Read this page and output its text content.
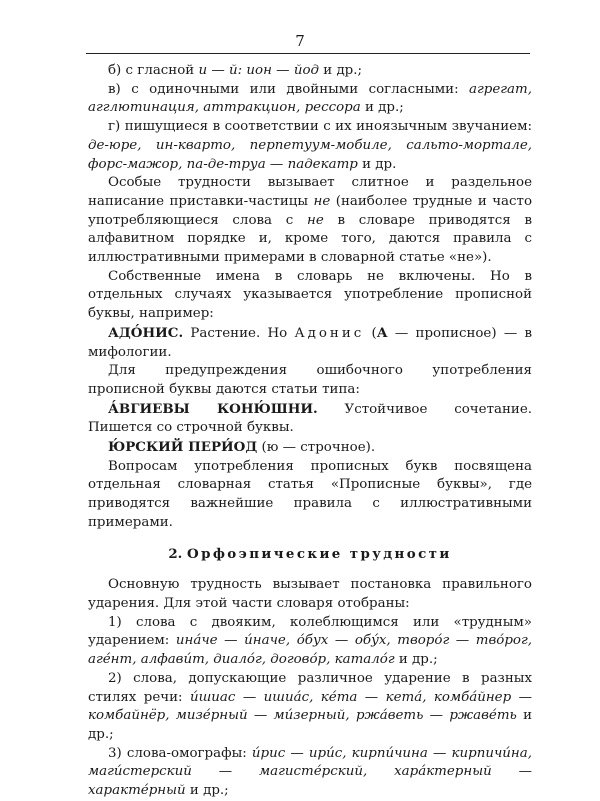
7

б) с гласной и — й: ион — йод и др.;

в) с одиночными или двойными согласными: агрегат, агглютинация, аттракцион, рессора и др.;

г) пишущиеся в соответствии с их иноязычным звучанием: де-юре, ин-кварто, перпетуум-мобиле, сальто-мортале, форс-мажор, па-де-труа — падекатр и др.

Особые трудности вызывает слитное и раздельное написание приставки-частицы не (наиболее трудные и часто употребляющиеся слова с не в словаре приводятся в алфавитном порядке и, кроме того, даются правила с иллюстративными примерами в словарной статье «не»).

Собственные имена в словарь не включены. Но в отдельных случаях указывается употребление прописной буквы, например:

АДО́НИС. Растение. Но Адонис (А — прописное) — в мифологии.

Для предупреждения ошибочного употребления прописной буквы даются статьи типа:

А́ВГИЕВЫ КОНЮ́ШНИ. Устойчивое сочетание. Пишется со строчной буквы.

Ю́РСКИЙ ПЕРИ́ОД (ю — строчное).

Вопросам употребления прописных букв посвящена отдельная словарная статья «Прописные буквы», где приводятся важнейшие правила с иллюстративными примерами.

2. Орфоэпические трудности

Основную трудность вызывает постановка правильного ударения. Для этой части словаря отобраны:

1) слова с двояким, колеблющимся или «трудным» ударением: ина́че — и́наче, о́бух — обу́х, творо́г — тво́рог, аге́нт, алфави́т, диало́г, догово́р, катало́г и др.;

2) слова, допускающие различное ударение в разных стилях речи: и́шиас — ишиа́с, ке́та — кета́, комба́йнер — комбайнёр, мизе́рный — ми́зерный, ржа́веть — ржаве́ть и др.;

3) слова-омографы: и́рис — ири́с, кирпи́чина — кирпичи́на, маги́стерский — магисте́рский, хара́ктерный — характе́рный и др.;
